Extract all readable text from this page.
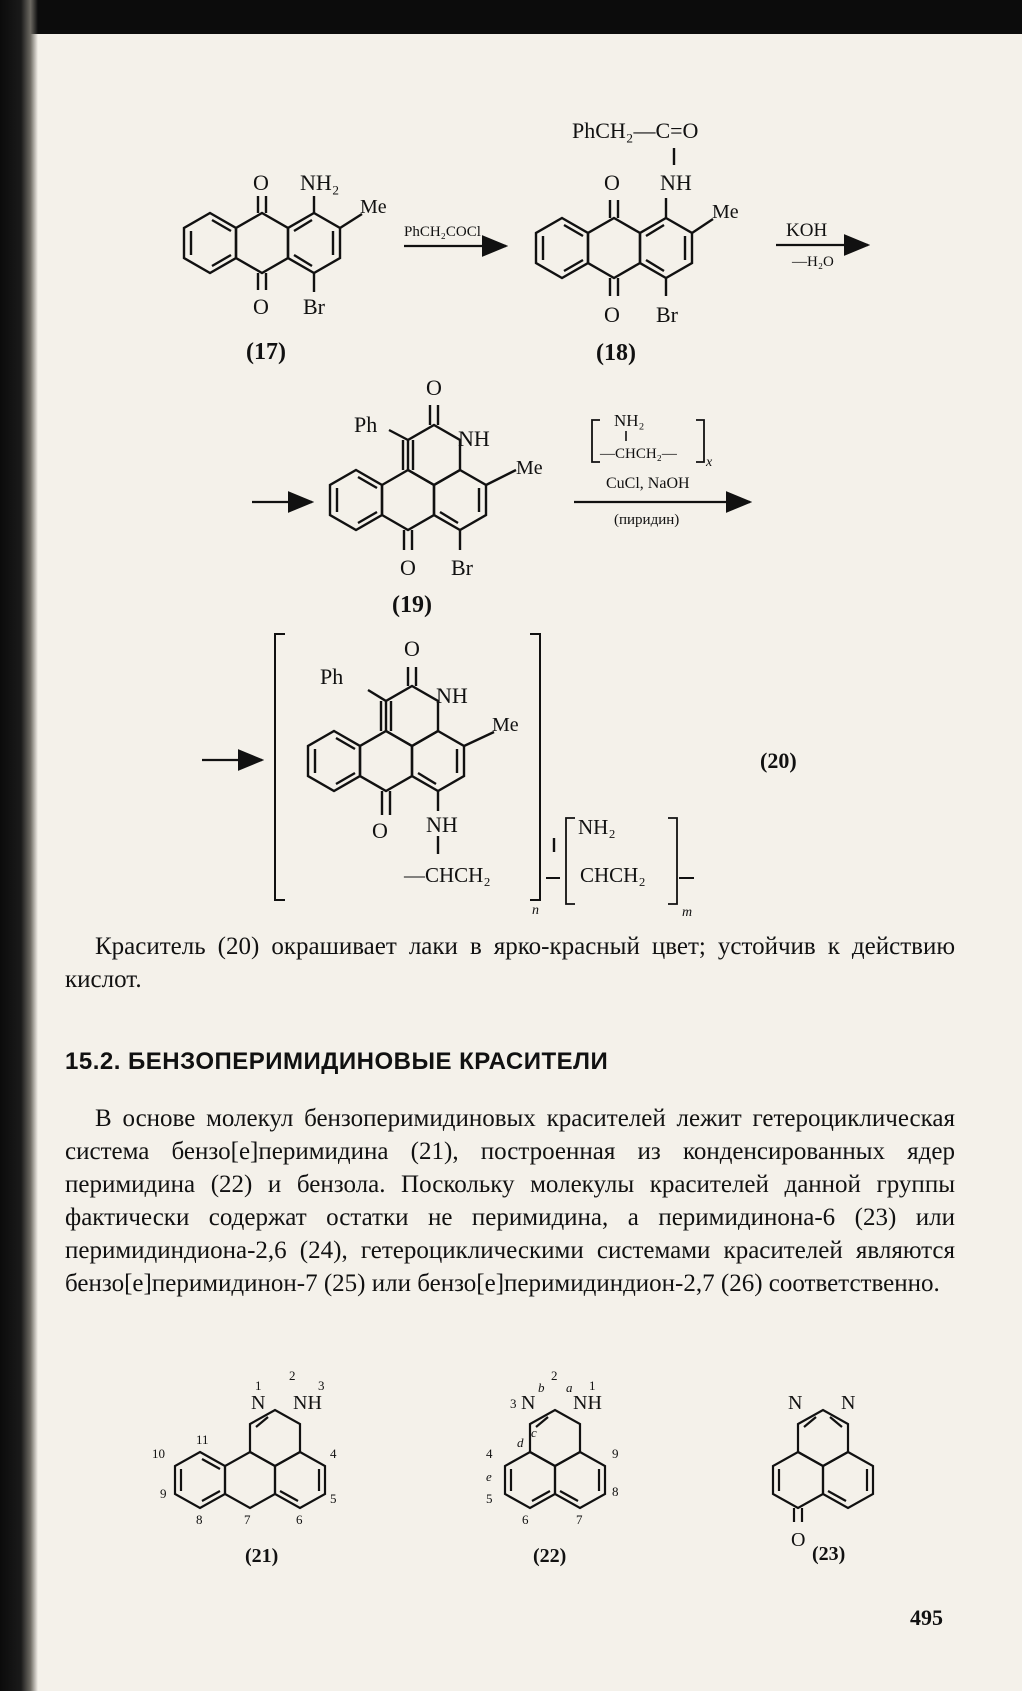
O NH₂
Me
O Br
(17)
PhCH₂COCl
PhCH₂—C=O
O NH
Me
O Br
(18)
KOH
—H₂O
O
Ph
NH
Me
O Br
(19)
NH₂
—CHCH₂—
x
CuCl, NaOH
(пиридин)
O
Ph
NH
Me
O NH
—CHCH₂
n
NH₂
CHCH₂
m
(20)
N NH
1
2
3
4
5
6
7
8
9
10
11
(21)
N NH
3
b
2
a 1
c
d
4
e
5
6	7
8
9
(22)
N N
O
(23)
Краситель (20) окрашивает лаки в ярко-красный цвет; устойчив к действию кислот.
15.2. БЕНЗОПЕРИМИДИНОВЫЕ КРАСИТЕЛИ
В основе молекул бензоперимидиновых красителей лежит гетероциклическая система бензо[e]перимидина (21), построенная из конденсированных ядер перимидина (22) и бензола. Поскольку молекулы красителей данной группы фактически содержат остатки не перимидина, а перимидинона-6 (23) или перимидиндиона-2,6 (24), гетероциклическими системами красителей являются бензо[e]перимидинон-7 (25) или бензо[e]перимидиндион-2,7 (26) соответственно.
495
